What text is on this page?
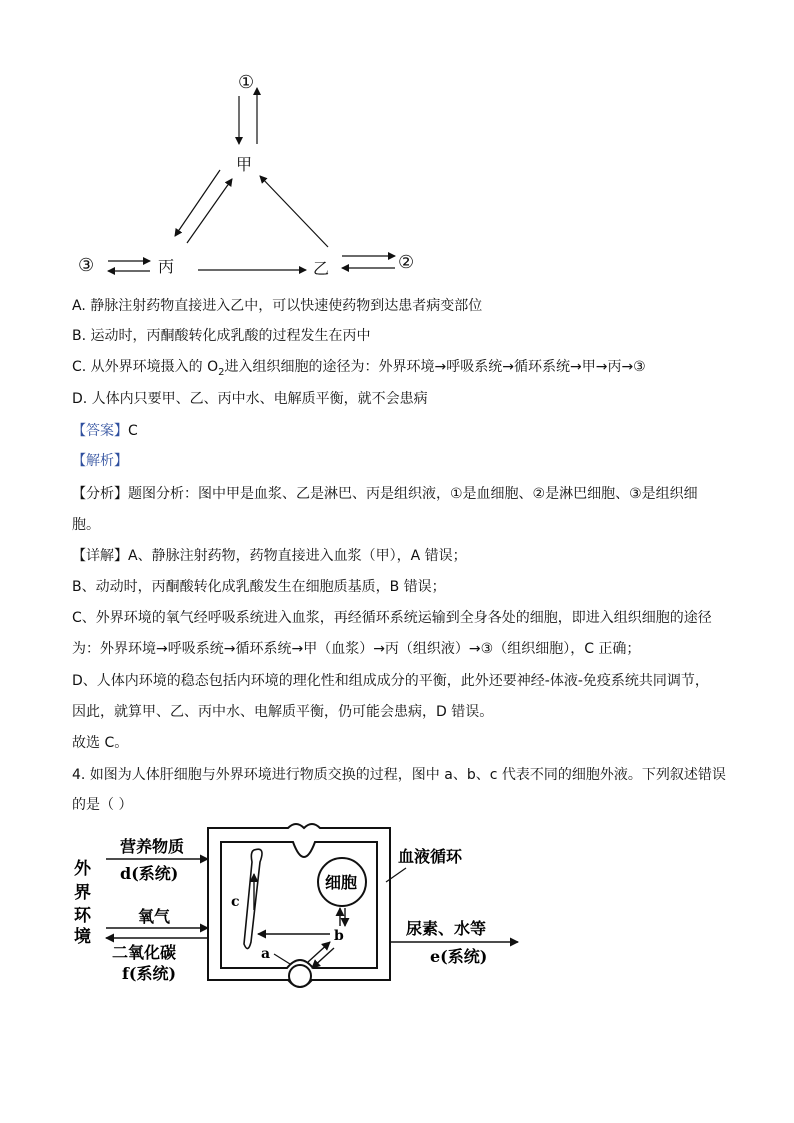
①
甲
丙	乙
③	②
A. 静脉注射药物直接进入乙中，可以快速使药物到达患者病变部位
B. 运动时，丙酮酸转化成乳酸的过程发生在丙中
C. 从外界环境摄入的 $O_2$进入组织细胞的途径为：外界环境→呼吸系统→循环系统→甲→丙→③
D. 人体内只要甲、乙、丙中水、电解质平衡，就不会患病
【答案】C
【解析】
【分析】题图分析：图中甲是血浆、乙是淋巴、丙是组织液，①是血细胞、②是淋巴细胞、③是组织细
胞。
【详解】A、静脉注射药物，药物直接进入血浆（甲），A 错误；
B、动动时，丙酮酸转化成乳酸发生在细胞质基质，B 错误；
C、外界环境的氧气经呼吸系统进入血浆，再经循环系统运输到全身各处的细胞，即进入组织细胞的途径
为：外界环境→呼吸系统→循环系统→甲（血浆）→丙（组织液）→③（组织细胞），C 正确；
D、人体内环境的稳态包括内环境的理化性和组成成分的平衡，此外还要神经-体液-免疫系统共同调节，
因此，就算甲、乙、丙中水、电解质平衡，仍可能会患病，D 错误。
故选 C。
4. 如图为人体肝细胞与外界环境进行物质交换的过程，图中 a、b、c 代表不同的细胞外液。下列叙述错误
的是（ ）
营养物质
d(系统)
外
界
环
境
氧气
二氧化碳
f(系统)
细胞
血液循环
尿素、水等
e(系统)
a
b
c
